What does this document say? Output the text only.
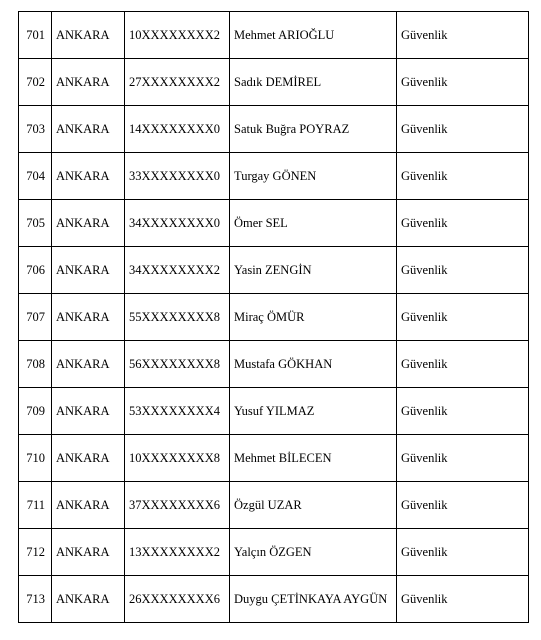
701	ANKARA	10XXXXXXXX2	Mehmet ARIOĞLU	Güvenlik
702	ANKARA	27XXXXXXXX2	Sadık DEMİREL	Güvenlik
703	ANKARA	14XXXXXXXX0	Satuk Buğra POYRAZ	Güvenlik
704	ANKARA	33XXXXXXXX0	Turgay GÖNEN	Güvenlik
705	ANKARA	34XXXXXXXX0	Ömer SEL	Güvenlik
706	ANKARA	34XXXXXXXX2	Yasin ZENGİN	Güvenlik
707	ANKARA	55XXXXXXXX8	Miraç ÖMÜR	Güvenlik
708	ANKARA	56XXXXXXXX8	Mustafa GÖKHAN	Güvenlik
709	ANKARA	53XXXXXXXX4	Yusuf YILMAZ	Güvenlik
710	ANKARA	10XXXXXXXX8	Mehmet BİLECEN	Güvenlik
711	ANKARA	37XXXXXXXX6	Özgül UZAR	Güvenlik
712	ANKARA	13XXXXXXXX2	Yalçın ÖZGEN	Güvenlik
713	ANKARA	26XXXXXXXX6	Duygu ÇETİNKAYA AYGÜN	Güvenlik
